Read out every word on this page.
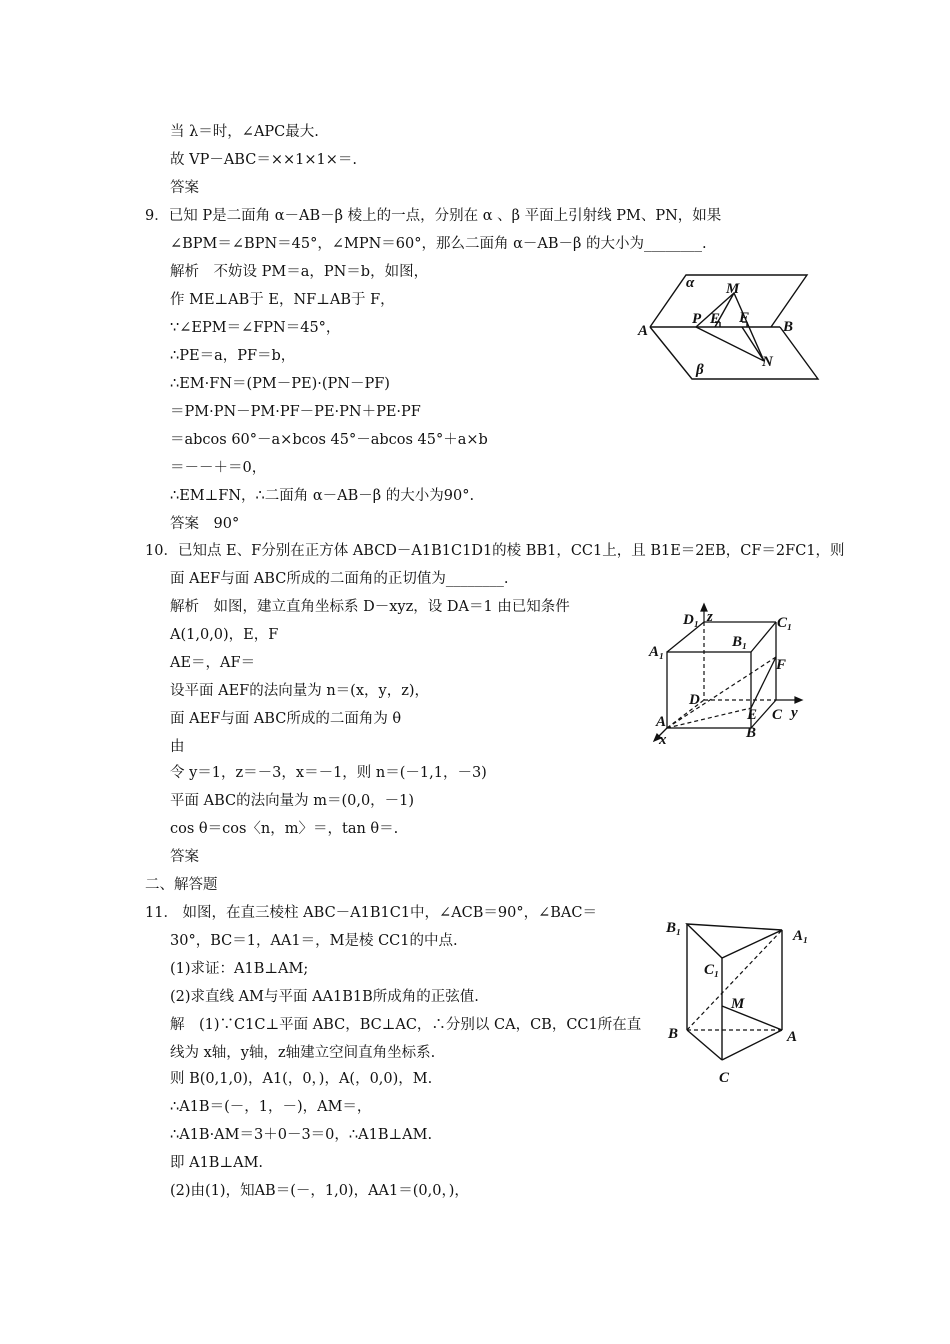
当 λ＝时，∠APC最大.
故 VP－ABC＝××1×1×＝.
答案
9．已知 P是二面角 α－AB－β 棱上的一点，分别在 α 、β 平面上引射线 PM、PN，如果
∠BPM＝∠BPN＝45°，∠MPN＝60°，那么二面角 α－AB－β 的大小为________.
解析　不妨设 PM＝a，PN＝b，如图，
作 ME⊥AB于 E，NF⊥AB于 F，
∵∠EPM＝∠FPN＝45°，
∴PE＝a，PF＝b，
∴EM·FN＝(PM－PE)·(PN－PF)
＝PM·PN－PM·PF－PE·PN＋PE·PF
＝abcos 60°－a×bcos 45°－abcos 45°＋a×b
＝－－＋＝0，
∴EM⊥FN，∴二面角 α－AB－β 的大小为90°.
答案　90°
10．已知点 E、F分别在正方体 ABCD－A1B1C1D1的棱 BB1，CC1上，且 B1E＝2EB，CF＝2FC1，则
面 AEF与面 ABC所成的二面角的正切值为________.
解析　如图，建立直角坐标系 D－xyz，设 DA＝1 由已知条件
A(1,0,0)，E，F
AE＝，AF＝
设平面 AEF的法向量为 n＝(x，y，z)，
面 AEF与面 ABC所成的二面角为 θ
由
令 y＝1，z＝－3，x＝－1，则 n＝(－1,1，－3)
平面 ABC的法向量为 m＝(0,0，－1)
cos θ＝cos〈n，m〉＝，tan θ＝.
答案
二、解答题
11． 如图，在直三棱柱 ABC－A1B1C1中，∠ACB＝90°，∠BAC＝
30°，BC＝1，AA1＝，M是棱 CC1的中点.
(1)求证：A1B⊥AM;
(2)求直线 AM与平面 AA1B1B所成角的正弦值.
解　(1)∵C1C⊥平面 ABC，BC⊥AC，∴分别以 CA，CB，CC1所在直
线为 x轴，y轴，z轴建立空间直角坐标系.
则 B(0,1,0)，A1(，0，)，A(，0,0)，M.
∴A1B＝(－，1，－)，AM＝，
∴A1B·AM＝3＋0－3＝0，∴A1B⊥AM.
即 A1B⊥AM.
(2)由(1)，知AB＝(－，1,0)，AA1＝(0,0，)，
α M
A
P E F
B
N
β
D₁ z	C₁
B₁
A₁
F
D
A	E C y
x	B
B₁	A₁
C₁
M
B	A
C
